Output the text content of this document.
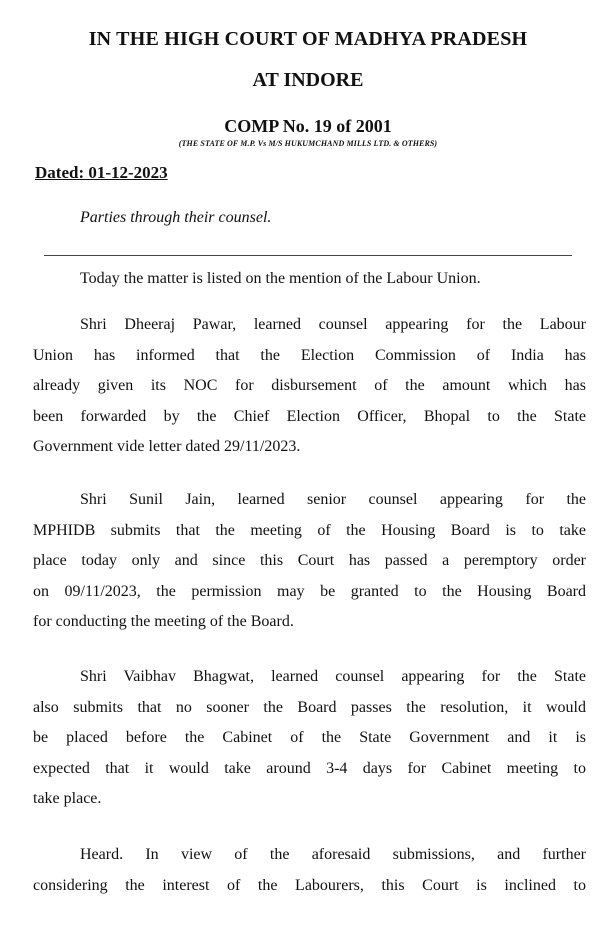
IN THE HIGH COURT OF MADHYA PRADESH
AT INDORE
COMP No. 19 of 2001
(THE STATE OF M.P. Vs M/S HUKUMCHAND MILLS LTD. & OTHERS)
Dated: 01-12-2023
Parties through their counsel.
Today the matter is listed on the mention of the Labour Union.
Shri Dheeraj Pawar, learned counsel appearing for the Labour
Union has informed that the Election Commission of India has
already given its NOC for disbursement of the amount which has
been forwarded by the Chief Election Officer, Bhopal to the State
Government vide letter dated 29/11/2023.
Shri Sunil Jain, learned senior counsel appearing for the
MPHIDB submits that the meeting of the Housing Board is to take
place today only and since this Court has passed a peremptory order
on 09/11/2023, the permission may be granted to the Housing Board
for conducting the meeting of the Board.
Shri Vaibhav Bhagwat, learned counsel appearing for the State
also submits that no sooner the Board passes the resolution, it would
be placed before the Cabinet of the State Government and it is
expected that it would take around 3-4 days for Cabinet meeting to
take place.
Heard. In view of the aforesaid submissions, and further
considering the interest of the Labourers, this Court is inclined to
